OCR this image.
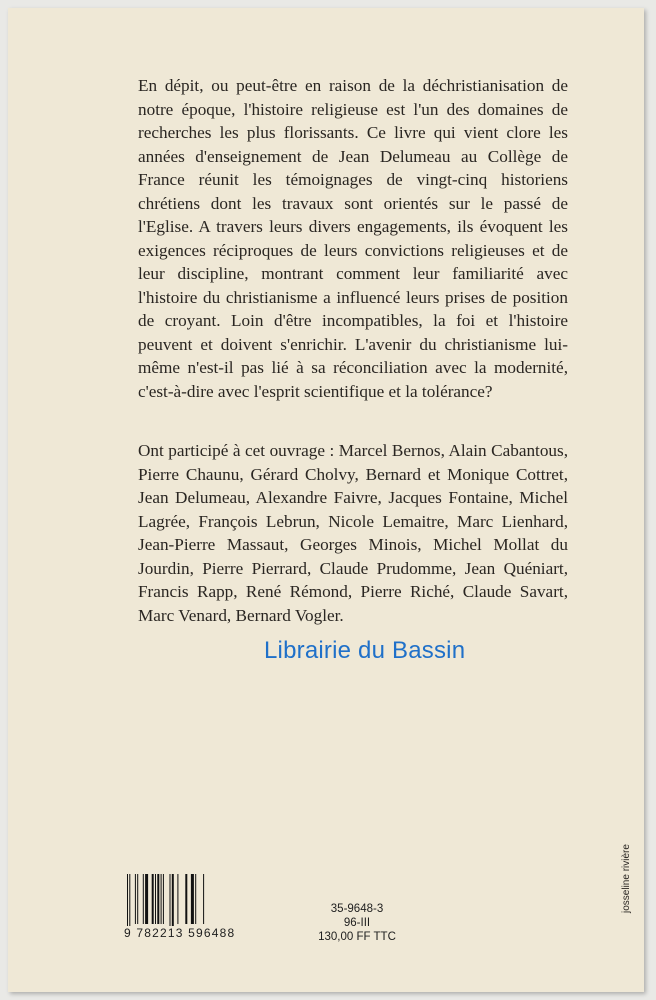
En dépit, ou peut-être en raison de la déchristianisation de notre époque, l'histoire religieuse est l'un des domaines de recherches les plus florissants. Ce livre qui vient clore les années d'enseignement de Jean Delumeau au Collège de France réunit les témoignages de vingt-cinq historiens chrétiens dont les travaux sont orientés sur le passé de l'Eglise. A travers leurs divers engagements, ils évoquent les exigences réciproques de leurs convictions religieuses et de leur discipline, montrant comment leur familiarité avec l'histoire du christianisme a influencé leurs prises de position de croyant. Loin d'être incompatibles, la foi et l'histoire peuvent et doivent s'enrichir. L'avenir du christianisme lui-même n'est-il pas lié à sa réconciliation avec la modernité, c'est-à-dire avec l'esprit scientifique et la tolérance?
Ont participé à cet ouvrage : Marcel Bernos, Alain Cabantous, Pierre Chaunu, Gérard Cholvy, Bernard et Monique Cottret, Jean Delumeau, Alexandre Faivre, Jacques Fontaine, Michel Lagrée, François Lebrun, Nicole Lemaitre, Marc Lienhard, Jean-Pierre Massaut, Georges Minois, Michel Mollat du Jourdin, Pierre Pierrard, Claude Prudomme, Jean Quéniart, Francis Rapp, René Rémond, Pierre Riché, Claude Savart, Marc Venard, Bernard Vogler.
Librairie du Bassin
9 782213 596488
35-9648-3
96-III
130,00 FF TTC
josseline rivière
